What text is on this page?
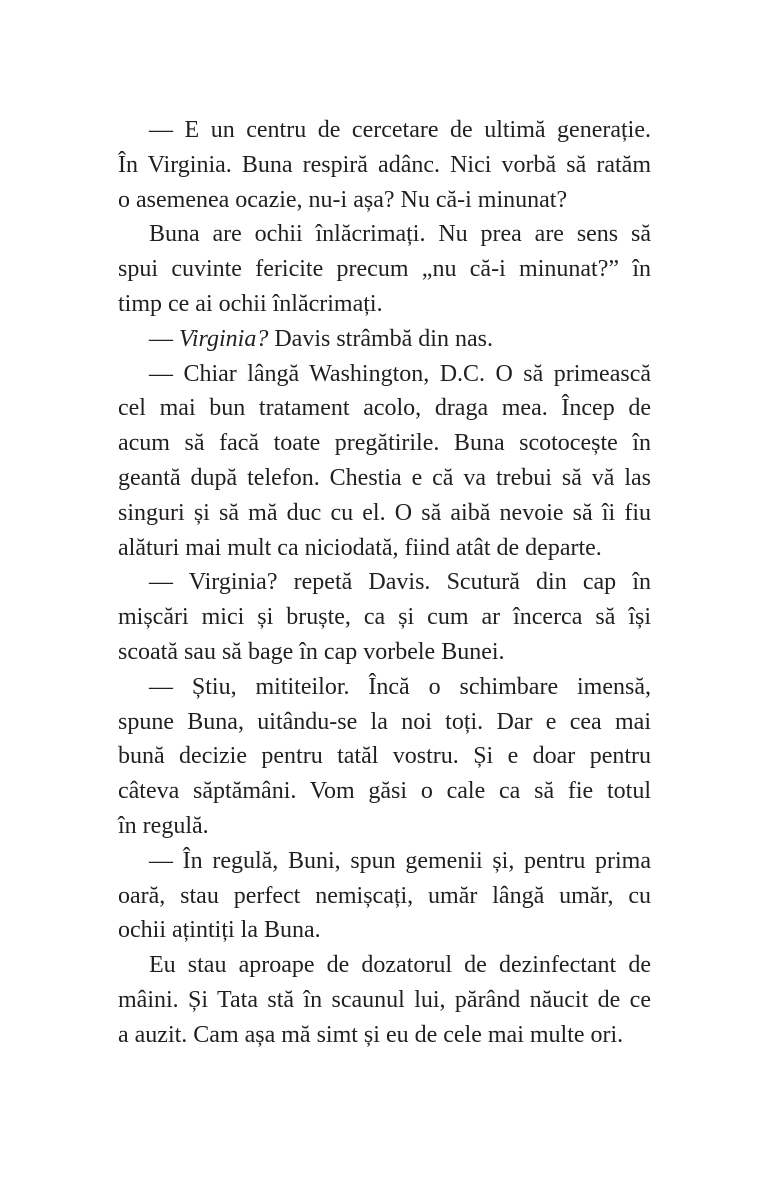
— E un centru de cercetare de ultimă generație.
În Virginia. Buna respiră adânc. Nici vorbă să ratăm
o asemenea ocazie, nu-i așa? Nu că-i minunat?
Buna are ochii înlăcrimați. Nu prea are sens să
spui cuvinte fericite precum „nu că-i minunat?” în
timp ce ai ochii înlăcrimați.
— Virginia? Davis strâmbă din nas.
— Chiar lângă Washington, D.C. O să primească
cel mai bun tratament acolo, draga mea. Încep de
acum să facă toate pregătirile. Buna scotocește în
geantă după telefon. Chestia e că va trebui să vă las
singuri și să mă duc cu el. O să aibă nevoie să îi fiu
alături mai mult ca niciodată, fiind atât de departe.
— Virginia? repetă Davis. Scutură din cap în
mișcări mici și bruște, ca și cum ar încerca să își
scoată sau să bage în cap vorbele Bunei.
— Știu, mititeilor. Încă o schimbare imensă,
spune Buna, uitându-se la noi toți. Dar e cea mai
bună decizie pentru tatăl vostru. Și e doar pentru
câteva săptămâni. Vom găsi o cale ca să fie totul
în regulă.
— În regulă, Buni, spun gemenii și, pentru prima
oară, stau perfect nemișcați, umăr lângă umăr, cu
ochii ațintiți la Buna.
Eu stau aproape de dozatorul de dezinfectant de
mâini. Și Tata stă în scaunul lui, părând năucit de ce
a auzit. Cam așa mă simt și eu de cele mai multe ori.
